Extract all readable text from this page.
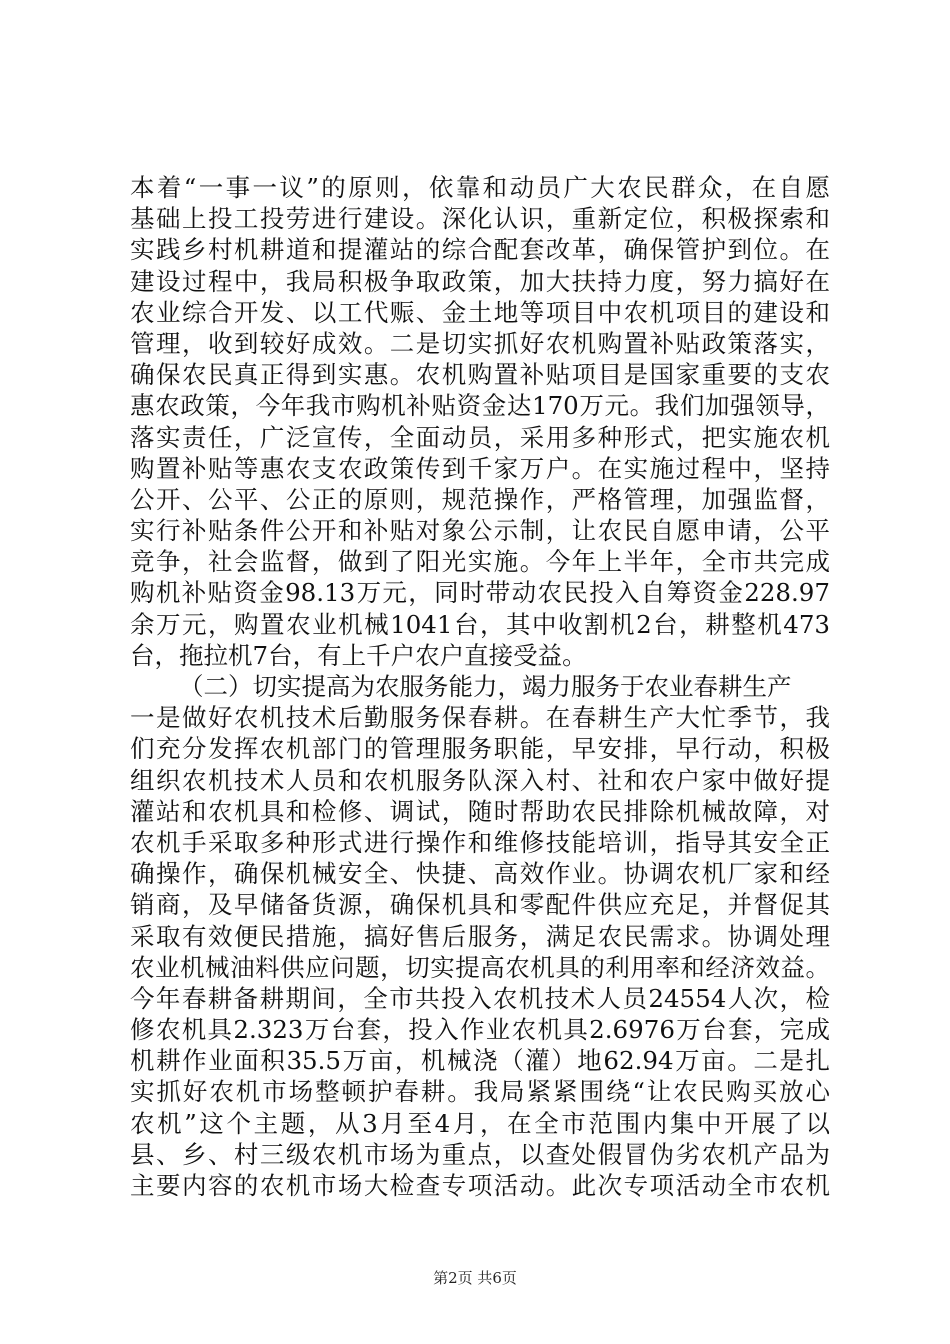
本着“一事一议”的原则，依靠和动员广大农民群众，在自愿
基础上投工投劳进行建设。深化认识，重新定位，积极探索和
实践乡村机耕道和提灌站的综合配套改革，确保管护到位。在
建设过程中，我局积极争取政策，加大扶持力度，努力搞好在
农业综合开发、以工代赈、金土地等项目中农机项目的建设和
管理，收到较好成效。二是切实抓好农机购置补贴政策落实，
确保农民真正得到实惠。农机购置补贴项目是国家重要的支农
惠农政策，今年我市购机补贴资金达170万元。我们加强领导，
落实责任，广泛宣传，全面动员，采用多种形式，把实施农机
购置补贴等惠农支农政策传到千家万户。在实施过程中，坚持
公开、公平、公正的原则，规范操作，严格管理，加强监督，
实行补贴条件公开和补贴对象公示制，让农民自愿申请，公平
竞争，社会监督，做到了阳光实施。今年上半年，全市共完成
购机补贴资金98.13万元，同时带动农民投入自筹资金228.97
余万元，购置农业机械1041台，其中收割机2台，耕整机473
台，拖拉机7台，有上千户农户直接受益。
（二）切实提高为农服务能力，竭力服务于农业春耕生产
一是做好农机技术后勤服务保春耕。在春耕生产大忙季节，我
们充分发挥农机部门的管理服务职能，早安排，早行动，积极
组织农机技术人员和农机服务队深入村、社和农户家中做好提
灌站和农机具和检修、调试，随时帮助农民排除机械故障，对
农机手采取多种形式进行操作和维修技能培训，指导其安全正
确操作，确保机械安全、快捷、高效作业。协调农机厂家和经
销商，及早储备货源，确保机具和零配件供应充足，并督促其
采取有效便民措施，搞好售后服务，满足农民需求。协调处理
农业机械油料供应问题，切实提高农机具的利用率和经济效益。
今年春耕备耕期间，全市共投入农机技术人员24554人次，检
修农机具2.323万台套，投入作业农机具2.6976万台套，完成
机耕作业面积35.5万亩，机械浇（灌）地62.94万亩。二是扎
实抓好农机市场整顿护春耕。我局紧紧围绕“让农民购买放心
农机”这个主题，从3月至4月，在全市范围内集中开展了以
县、乡、村三级农机市场为重点，以查处假冒伪劣农机产品为
主要内容的农机市场大检查专项活动。此次专项活动全市农机
第2页 共6页
